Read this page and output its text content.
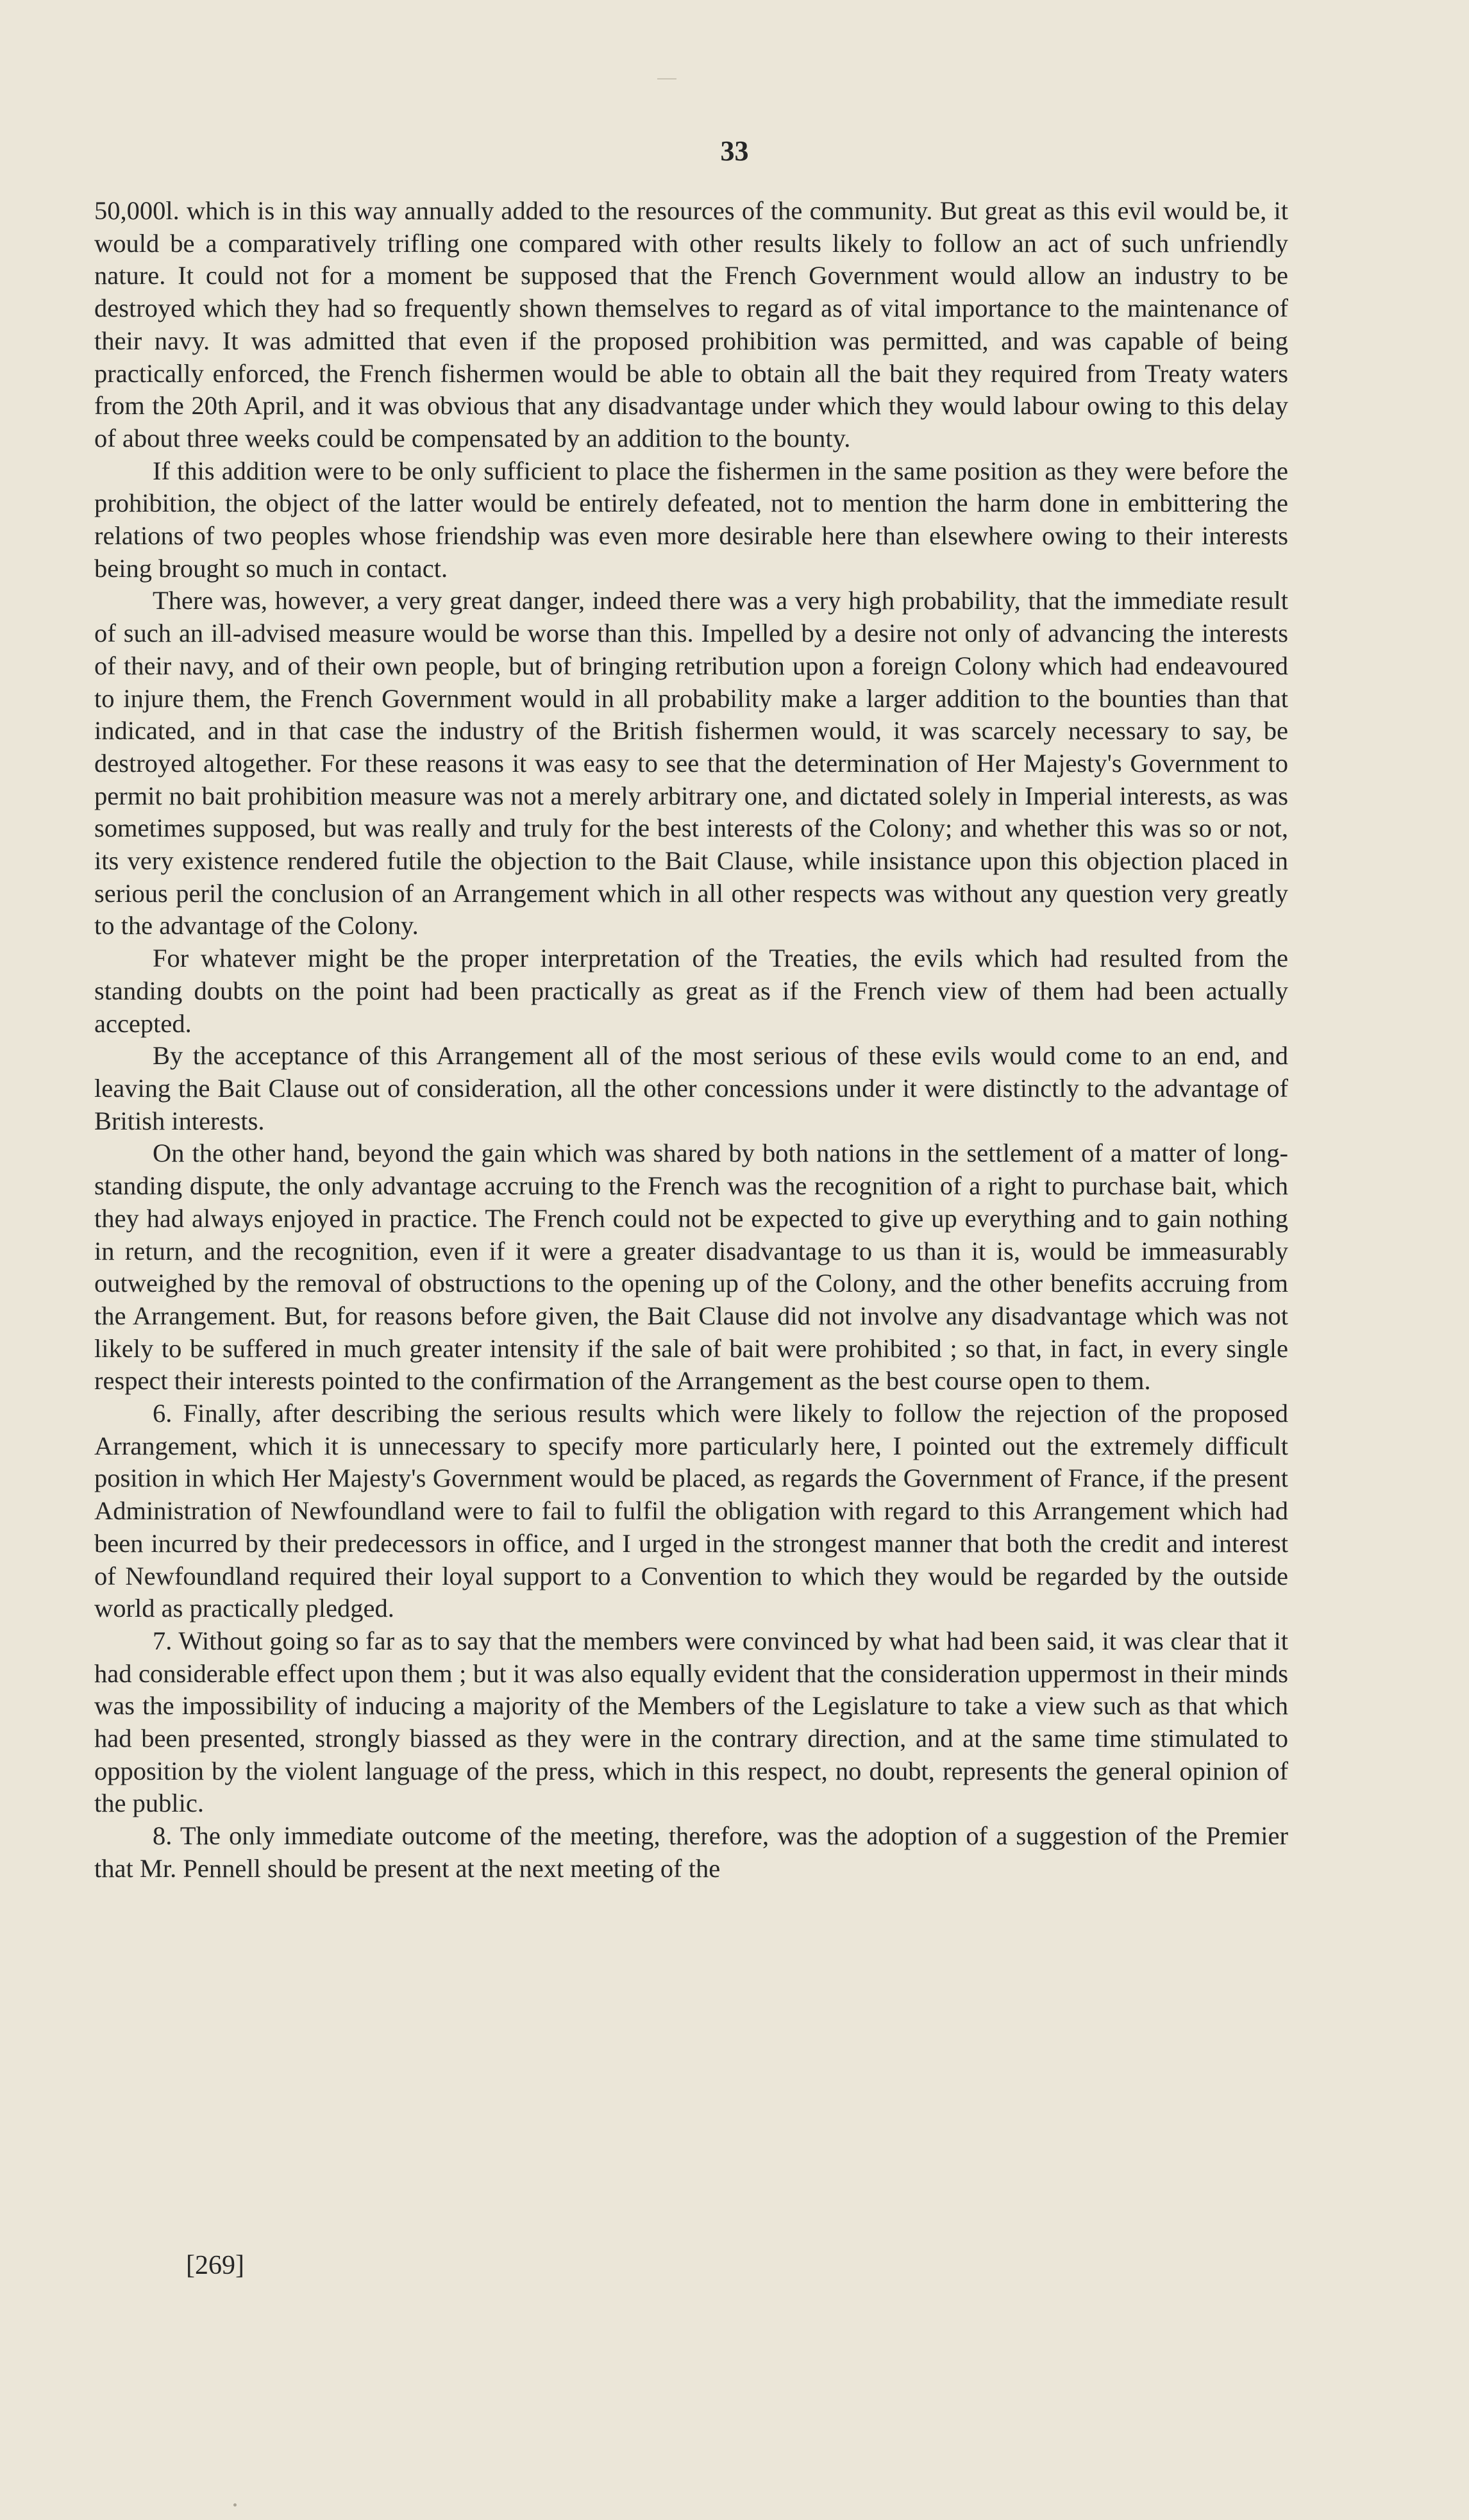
33

50,000l. which is in this way annually added to the resources of the community. But great as this evil would be, it would be a comparatively trifling one compared with other results likely to follow an act of such unfriendly nature. It could not for a moment be supposed that the French Government would allow an industry to be destroyed which they had so frequently shown themselves to regard as of vital importance to the maintenance of their navy. It was admitted that even if the proposed prohibition was permitted, and was capable of being practically enforced, the French fishermen would be able to obtain all the bait they required from Treaty waters from the 20th April, and it was obvious that any disadvantage under which they would labour owing to this delay of about three weeks could be compensated by an addition to the bounty.

If this addition were to be only sufficient to place the fishermen in the same position as they were before the prohibition, the object of the latter would be entirely defeated, not to mention the harm done in embittering the relations of two peoples whose friendship was even more desirable here than elsewhere owing to their interests being brought so much in contact.

There was, however, a very great danger, indeed there was a very high probability, that the immediate result of such an ill-advised measure would be worse than this. Impelled by a desire not only of advancing the interests of their navy, and of their own people, but of bringing retribution upon a foreign Colony which had endeavoured to injure them, the French Government would in all probability make a larger addition to the bounties than that indicated, and in that case the industry of the British fishermen would, it was scarcely necessary to say, be destroyed altogether. For these reasons it was easy to see that the determination of Her Majesty's Government to permit no bait prohibition measure was not a merely arbitrary one, and dictated solely in Imperial interests, as was sometimes supposed, but was really and truly for the best interests of the Colony; and whether this was so or not, its very existence rendered futile the objection to the Bait Clause, while insistance upon this objection placed in serious peril the conclusion of an Arrangement which in all other respects was without any question very greatly to the advantage of the Colony.

For whatever might be the proper interpretation of the Treaties, the evils which had resulted from the standing doubts on the point had been practically as great as if the French view of them had been actually accepted.

By the acceptance of this Arrangement all of the most serious of these evils would come to an end, and leaving the Bait Clause out of consideration, all the other concessions under it were distinctly to the advantage of British interests.

On the other hand, beyond the gain which was shared by both nations in the settlement of a matter of long-standing dispute, the only advantage accruing to the French was the recognition of a right to purchase bait, which they had always enjoyed in practice. The French could not be expected to give up everything and to gain nothing in return, and the recognition, even if it were a greater disadvantage to us than it is, would be immeasurably outweighed by the removal of obstructions to the opening up of the Colony, and the other benefits accruing from the Arrangement. But, for reasons before given, the Bait Clause did not involve any disadvantage which was not likely to be suffered in much greater intensity if the sale of bait were prohibited ; so that, in fact, in every single respect their interests pointed to the confirmation of the Arrangement as the best course open to them.

6. Finally, after describing the serious results which were likely to follow the rejection of the proposed Arrangement, which it is unnecessary to specify more particularly here, I pointed out the extremely difficult position in which Her Majesty's Government would be placed, as regards the Government of France, if the present Administration of Newfoundland were to fail to fulfil the obligation with regard to this Arrangement which had been incurred by their predecessors in office, and I urged in the strongest manner that both the credit and interest of Newfoundland required their loyal support to a Convention to which they would be regarded by the outside world as practically pledged.

7. Without going so far as to say that the members were convinced by what had been said, it was clear that it had considerable effect upon them ; but it was also equally evident that the consideration uppermost in their minds was the impossibility of inducing a majority of the Members of the Legislature to take a view such as that which had been presented, strongly biassed as they were in the contrary direction, and at the same time stimulated to opposition by the violent language of the press, which in this respect, no doubt, represents the general opinion of the public.

8. The only immediate outcome of the meeting, therefore, was the adoption of a suggestion of the Premier that Mr. Pennell should be present at the next meeting of the

[269]
